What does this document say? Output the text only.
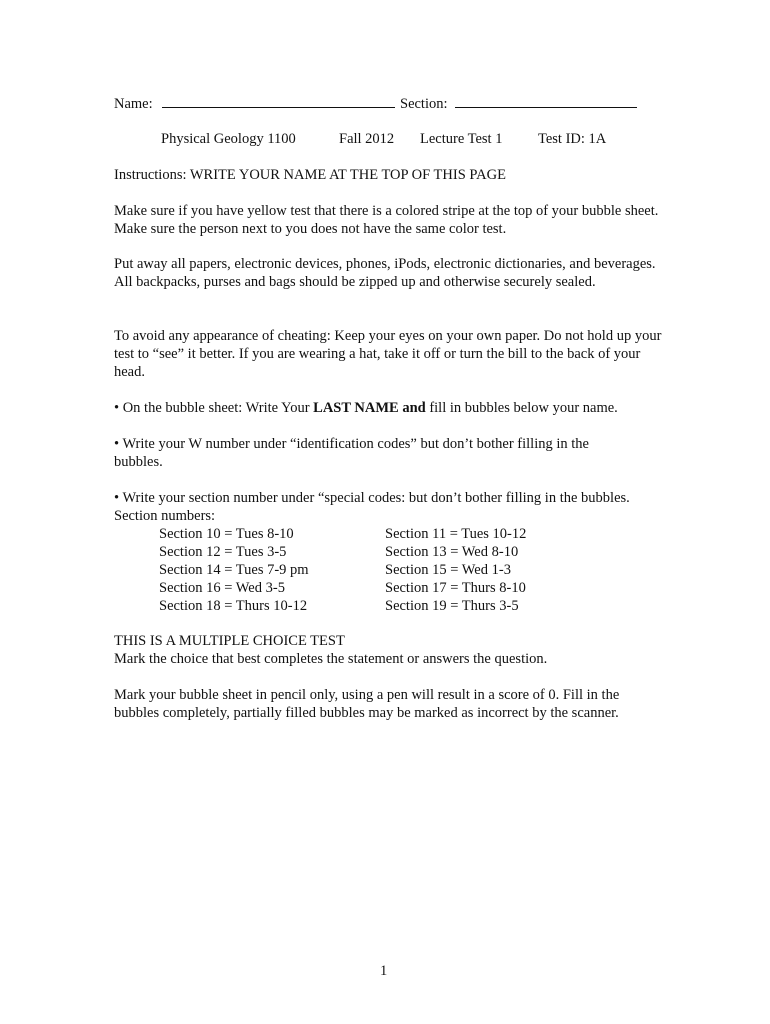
Name:	Section:
Physical Geology 1100	Fall 2012 Lecture Test 1 Test ID: 1A
Instructions: WRITE YOUR NAME AT THE TOP OF THIS PAGE
Make sure if you have yellow test that there is a colored stripe at the top of your bubble sheet. Make sure the person next to you does not have the same color test.
Put away all papers, electronic devices, phones, iPods, electronic dictionaries, and beverages. All backpacks, purses and bags should be zipped up and otherwise securely sealed.
To avoid any appearance of cheating: Keep your eyes on your own paper. Do not hold up your test to “see” it better. If you are wearing a hat, take it off or turn the bill to the back of your head.
• On the bubble sheet: Write Your LAST NAME and fill in bubbles below your name.
• Write your W number under “identification codes” but don’t bother filling in the bubbles.
• Write your section number under “special codes: but don’t bother filling in the bubbles.
Section numbers:
Section 10 = Tues 8-10	Section 11 = Tues 10-12
Section 12 = Tues 3-5	Section 13 = Wed 8-10
Section 14 = Tues 7-9 pm	Section 15 = Wed 1-3
Section 16 = Wed 3-5	Section 17 = Thurs 8-10
Section 18 = Thurs 10-12	Section 19 = Thurs 3-5
THIS IS A MULTIPLE CHOICE TEST
Mark the choice that best completes the statement or answers the question.
Mark your bubble sheet in pencil only, using a pen will result in a score of 0. Fill in the bubbles completely, partially filled bubbles may be marked as incorrect by the scanner.
1
